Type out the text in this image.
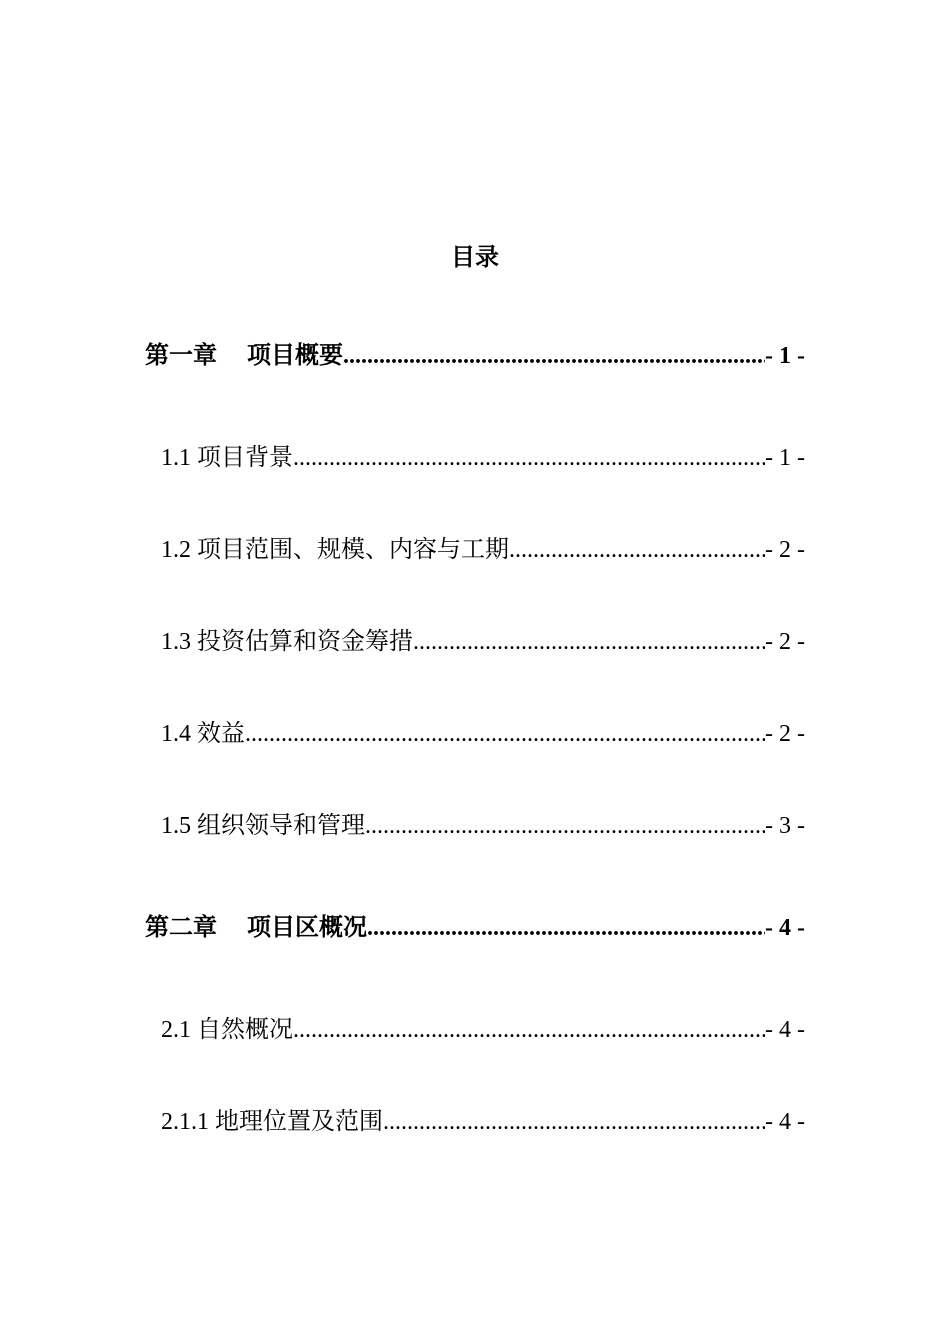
目录
第一章 项目概要 .....	- 1 -
1.1 项目背景 .....	- 1 -
1.2 项目范围、规模、内容与工期 .....	- 2 -
1.3 投资估算和资金筹措 .....	- 2 -
1.4 效益 .....	- 2 -
1.5 组织领导和管理 .....	- 3 -
第二章 项目区概况 .....	- 4 -
2.1 自然概况 .....	- 4 -
2.1.1 地理位置及范围 .....	- 4 -
